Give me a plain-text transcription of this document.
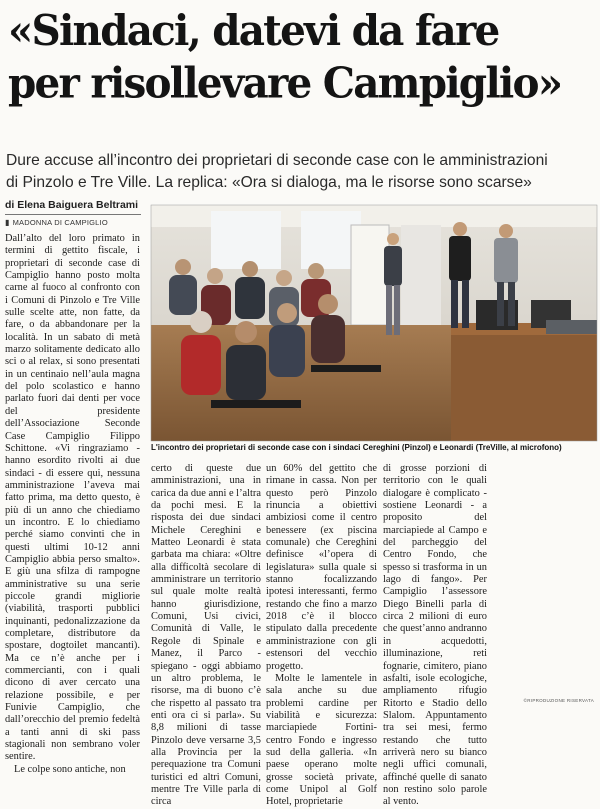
«Sindaci, datevi da fare
per risollevare Campiglio»
Dure accuse all’incontro dei proprietari di seconde case con le amministrazioni
di Pinzolo e Tre Ville. La replica: «Ora si dialoga, ma le risorse sono scarse»
di Elena Baiguera Beltrami
▮ MADONNA DI CAMPIGLIO

Dall’alto del loro primato in termini di gettito fiscale, i proprietari di seconde case di Campiglio hanno posto molta carne al fuoco al confronto con i Comuni di Pinzolo e Tre Ville sulle scelte atte, non fatte, da fare, o da abbandonare per la località. In un sabato di metà marzo solitamente dedicato allo sci o al relax, si sono presentati in un centinaio nell’aula magna del polo scolastico e hanno parlato fuori dai denti per voce del presidente dell’Associazione Seconde Case Campiglio Filippo Schittone. «Vi ringraziamo - hanno esordito rivolti ai due sindaci - di essere qui, nessuna amministrazione l’aveva mai fatto prima, ma detto questo, è più di un anno che chiediamo un incontro. E lo chiediamo perché siamo convinti che in questi ultimi 10-12 anni Campiglio abbia perso smalto». E giù una sfilza di rampogne amministrative su una serie piccole grandi migliorie (viabilità, trasporti pubblici inquinanti, pedonalizzazione da completare, distributore da spostare, dogtoilet mancanti). Ma ce n’è anche per i commercianti, con i quali dicono di aver cercato una relazione possibile, e per Funivie Campiglio, che dall’orecchio del premio fedeltà a tanti anni di ski pass stagionali non sembrano voler sentire.

Le colpe sono antiche, non

L'incontro dei proprietari di seconde case con i sindaci Cereghini (Pinzol) e Leonardi (TreVille, al microfono)

certo di queste due amministrazioni, una in carica da due anni e l’altra da pochi mesi. E la risposta dei due sindaci Michele Cereghini e Matteo Leonardi è stata garbata ma chiara: «Oltre alla difficoltà secolare di amministrare un territorio sul quale molte realtà hanno giurisdizione, Comuni, Usi civici, Comunità di Valle, le Regole di Spinale e Manez, il Parco - spiegano - oggi abbiamo un altro problema, le risorse, ma di buono c’è che rispetto al passato tra enti ora ci si parla». Su 8,8 milioni di tasse Pinzolo deve versarne 3,5 alla Provincia per la perequazione tra Comuni turistici ed altri Comuni, mentre Tre Ville parla di circa

un 60% del gettito che rimane in cassa. Non per questo però Pinzolo rinuncia a obiettivi ambiziosi come il centro benessere (ex piscina comunale) che Cereghini definisce «l’opera di legislatura» sulla quale si stanno focalizzando ipotesi interessanti, fermo restando che fino a marzo 2018 c’è il blocco stipulato dalla precedente amministrazione con gli estensori del vecchio progetto.

Molte le lamentele in sala anche su due problemi cardine per viabilità e sicurezza: marciapiede Fortini-centro Fondo e ingresso sud della galleria. «In paese operano molte grosse società private, come Unipol al Golf Hotel, proprietarie

di grosse porzioni di territorio con le quali dialogare è complicato - sostiene Leonardi - a proposito del marciapiede al Campo e del parcheggio del Centro Fondo, che spesso si trasforma in un lago di fango». Per Campiglio l’assessore Diego Binelli parla di circa 2 milioni di euro che quest’anno andranno in acquedotti, illuminazione, reti fognarie, cimitero, piano asfalti, isole ecologiche, ampliamento rifugio Ritorto e Stadio dello Slalom. Appuntamento tra sei mesi, fermo restando che tutto arriverà nero su bianco negli uffici comunali, affinché quelle di sanato non restino solo parole al vento.

©RIPRODUZIONE RISERVATA
